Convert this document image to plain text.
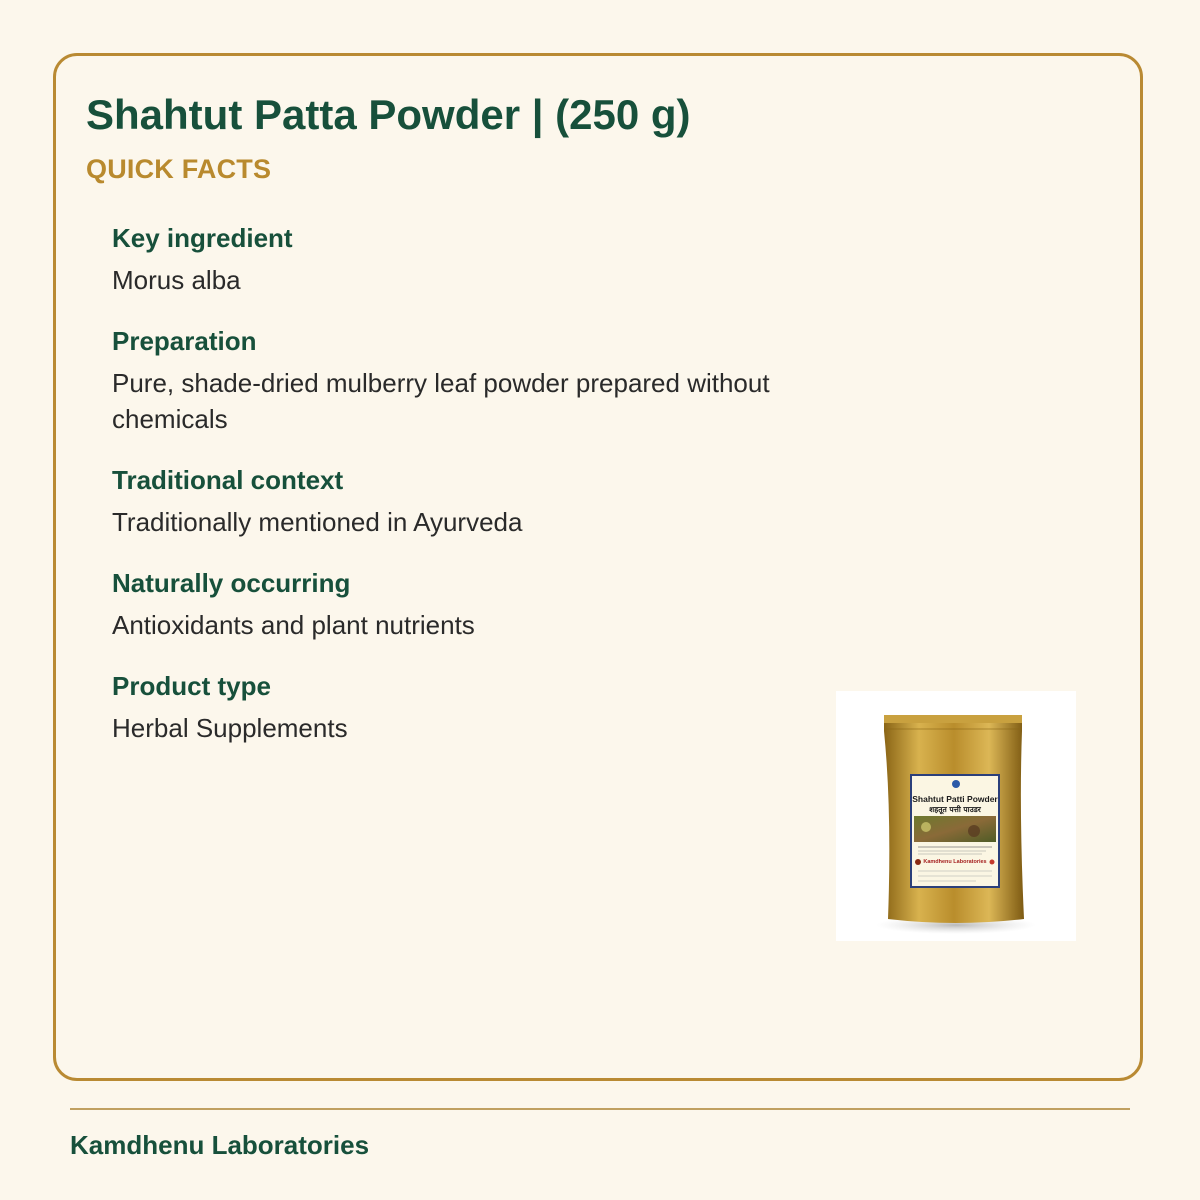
Shahtut Patta Powder | (250 g)
QUICK FACTS
Key ingredient
Morus alba
Preparation
Pure, shade-dried mulberry leaf powder prepared without chemicals
Traditional context
Traditionally mentioned in Ayurveda
Naturally occurring
Antioxidants and plant nutrients
Product type
Herbal Supplements
Shahtut Patti Powder
शहतूत पत्ती पाउडर
Kamdhenu Laboratories
Kamdhenu Laboratories
